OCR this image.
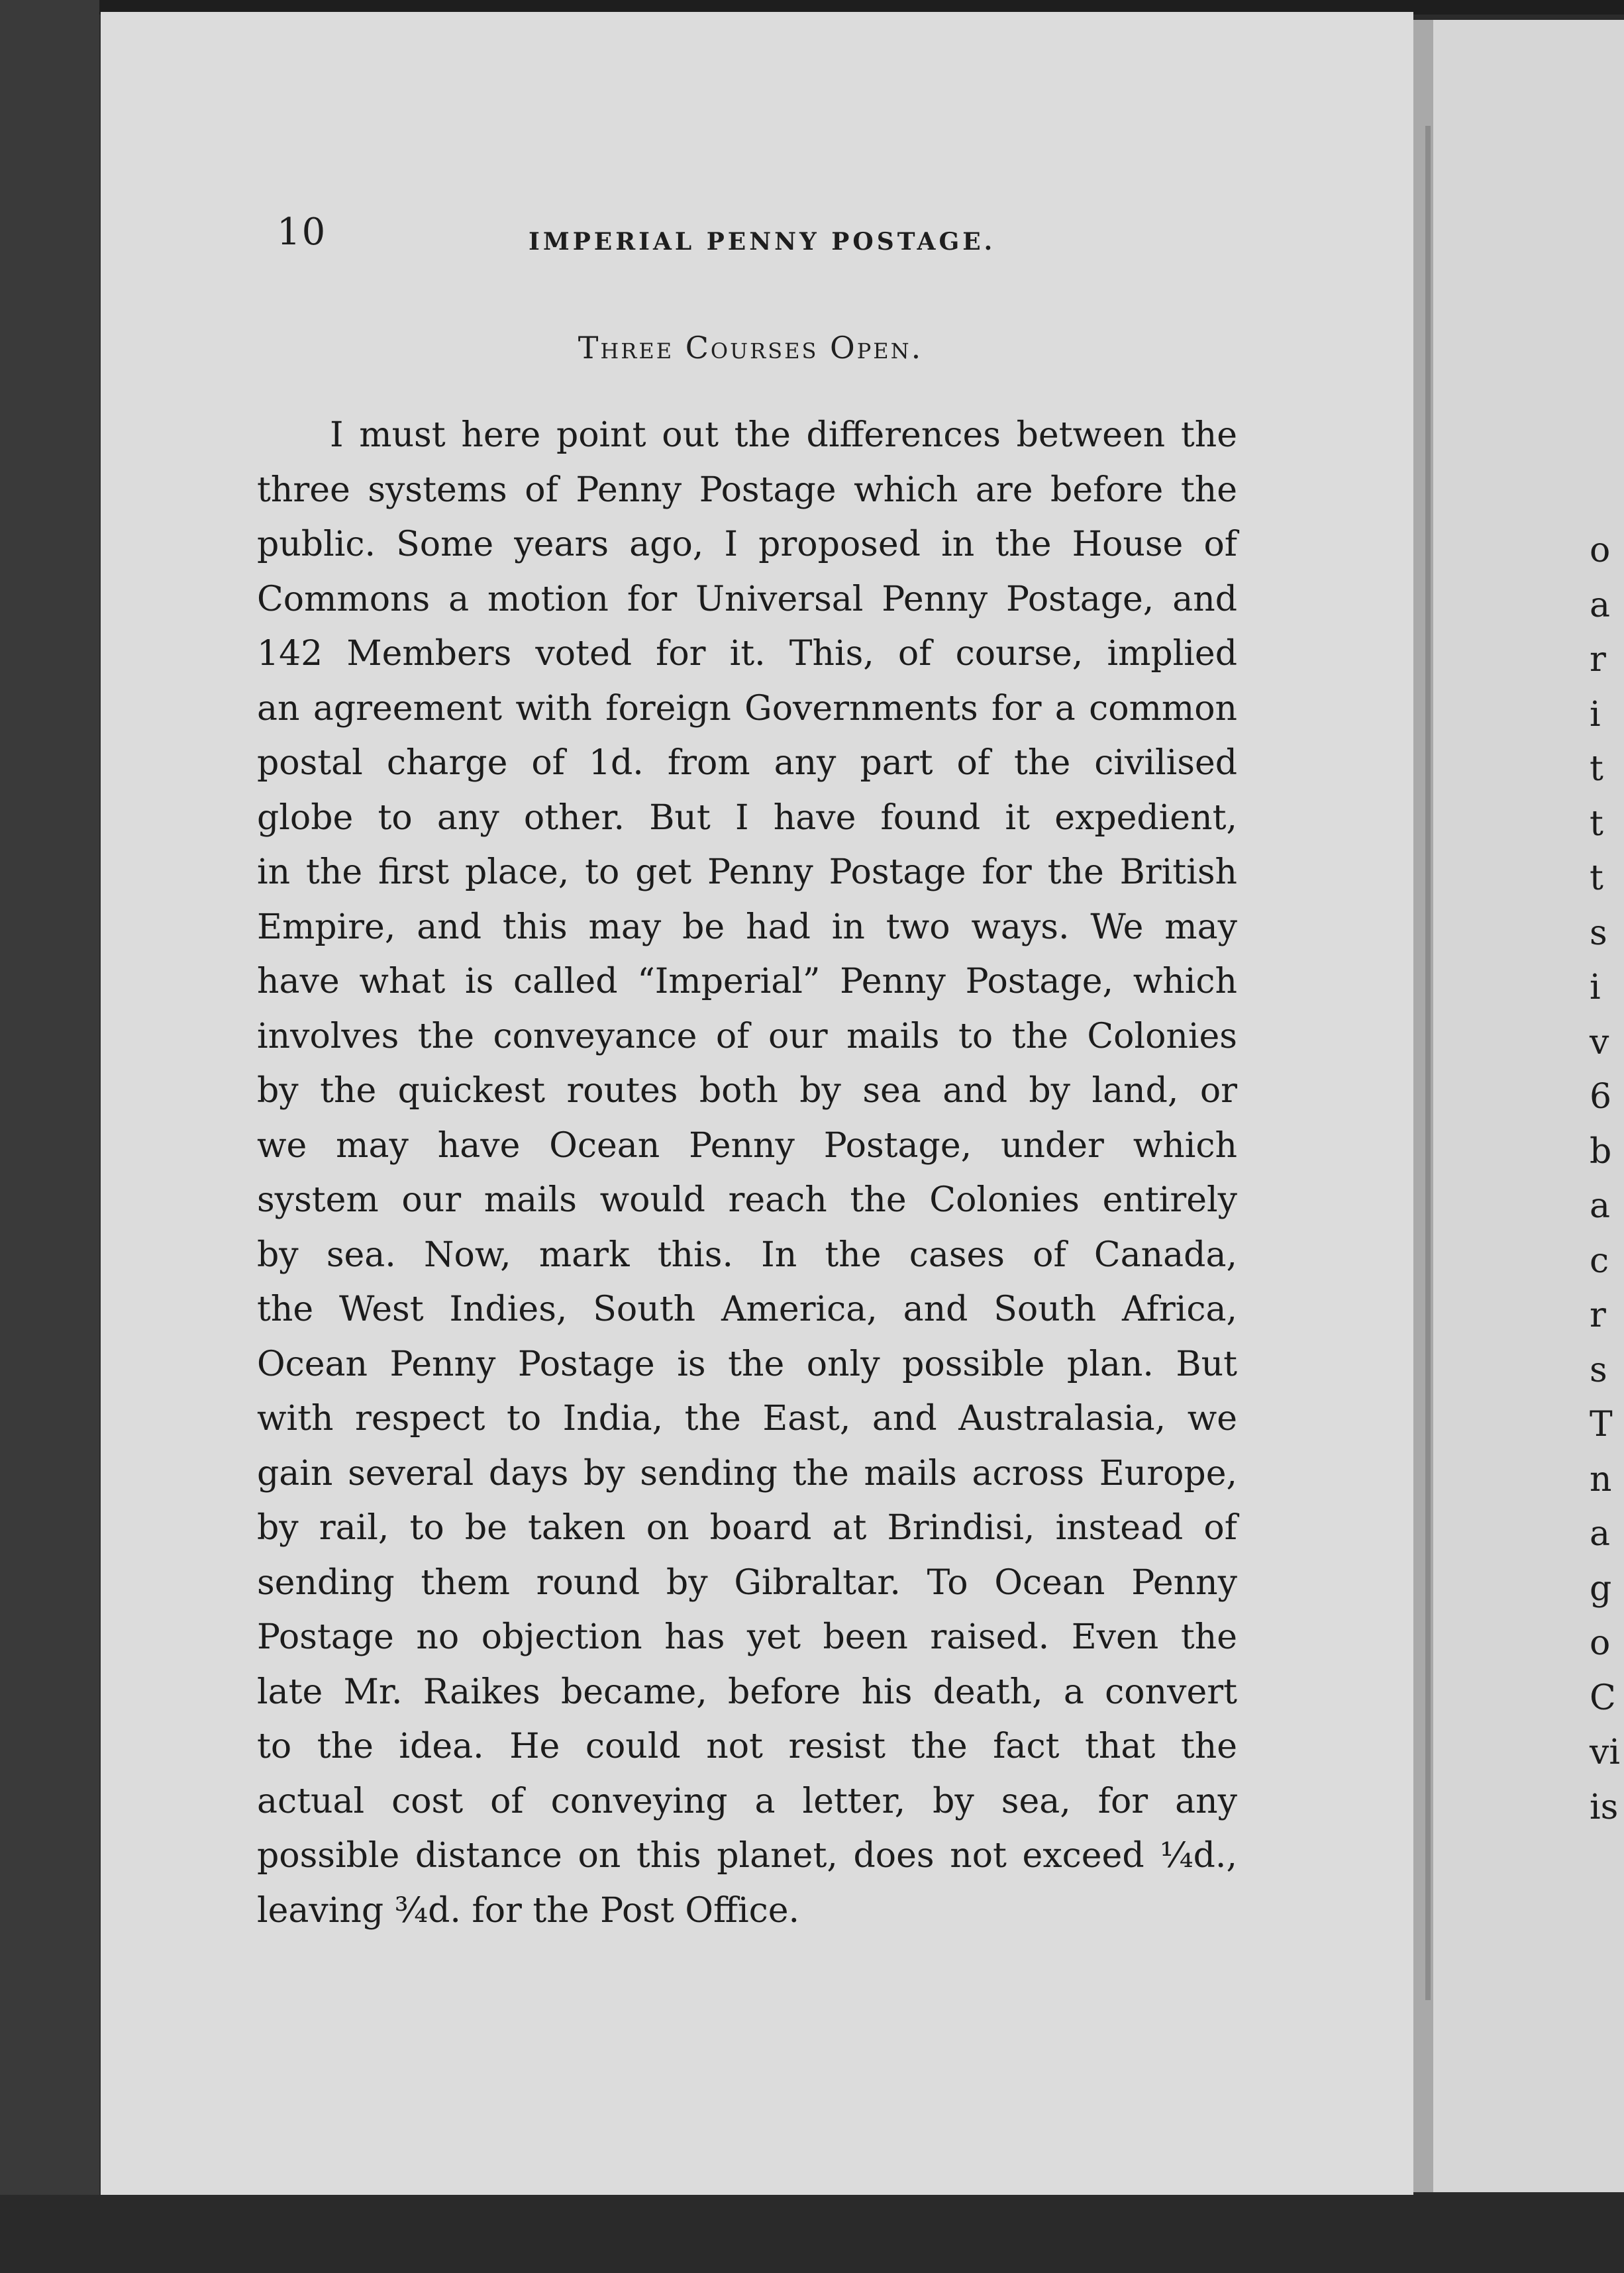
10	IMPERIAL PENNY POSTAGE.
Three Courses Open.
I must here point out the differences between the
three systems of Penny Postage which are before the
public. Some years ago, I proposed in the House of
Commons a motion for Universal Penny Postage, and
142 Members voted for it. This, of course, implied
an agreement with foreign Governments for a common
postal charge of 1d. from any part of the civilised
globe to any other. But I have found it expedient,
in the first place, to get Penny Postage for the British
Empire, and this may be had in two ways. We may
have what is called “Imperial” Penny Postage, which
involves the conveyance of our mails to the Colonies
by the quickest routes both by sea and by land, or
we may have Ocean Penny Postage, under which
system our mails would reach the Colonies entirely
by sea. Now, mark this. In the cases of Canada,
the West Indies, South America, and South Africa,
Ocean Penny Postage is the only possible plan. But
with respect to India, the East, and Australasia, we
gain several days by sending the mails across Europe,
by rail, to be taken on board at Brindisi, instead of
sending them round by Gibraltar. To Ocean Penny
Postage no objection has yet been raised. Even the
late Mr. Raikes became, before his death, a convert
to the idea. He could not resist the fact that the
actual cost of conveying a letter, by sea, for any
possible distance on this planet, does not exceed ¼d.,
leaving ¾d. for the Post Office.
o
a
r
i
t
t
t
s
i
v
6
b
a
c
r
s
T
n
a
g
o
C
vi
is
